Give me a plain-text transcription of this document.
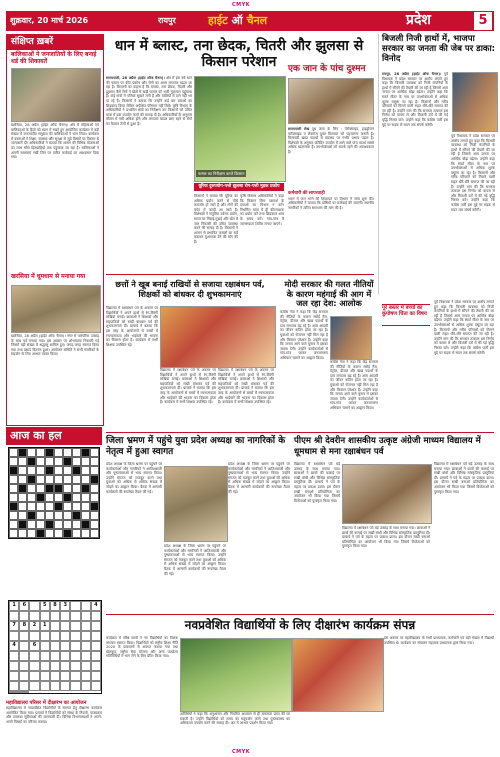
CMYK
CMYK
शुक्रवार, 20 मार्च 2026	रायपुर	हाईट ऑ चैनल	प्रदेश	5
संक्षिप्त ख़बरें
बालिकाओं ने जनजातियों के लिए बनाई थर्ड की शिकायतें
खरसिया, 28 अप्रैल (हाईट ऑफ चैनल)। क्षेत्र में महिलाओं एवं बालिकाओं के हितों को ध्यान में रखते हुए आयोजित कार्यक्रम में बड़ी संख्या में जनजातीय समुदाय की बालिकाओं ने भाग लिया। कार्यक्रम में वक्ताओं ने शिक्षा, स्वास्थ्य और सुरक्षा से जुड़े विषयों पर विस्तार से जानकारी दी। अधिकारियों ने बताया कि शासन की विभिन्न योजनाओं का लाभ सीधे हितग्राहियों तक पहुंचाया जा रहा है। बालिकाओं ने अपनी समस्याएं रखीं जिन पर त्वरित कार्रवाई का आश्वासन दिया गया।
खरसिया में धूमधाम से मनाया गया
खरसिया, 28 अप्रैल (हाईट ऑफ चैनल)। नगर में पारंपरिक उत्साह के साथ पर्व मनाया गया। इस अवसर पर शोभायात्रा निकाली गई जिसमें बड़ी संख्या में श्रद्धालु शामिल हुए। जगह-जगह स्वागत किया गया तथा प्रसाद वितरण हुआ। आयोजन समिति ने सभी नागरिकों के सहयोग के लिए आभार व्यक्त किया।
आज का हल
1	6	5	8	3	4
7	8	2	1
4	6
महाविद्यालय परिसर में दीक्षारंभ का आयोजन
महाविद्यालय में नवप्रवेशित विद्यार्थियों के स्वागत हेतु दीक्षारंभ कार्यक्रम आयोजित किया गया। प्राचार्य ने विद्यार्थियों को संस्था के नियमों, पाठ्यक्रम और उपलब्ध सुविधाओं की जानकारी दी। विभिन्न विभागाध्यक्षों ने अपने-अपने विषयों का परिचय कराया।
धान में ब्लास्ट, तना छेदक, चितरी और झुलसा से किसान परेशान
सरायपाली, 28 अप्रैल (हाईट ऑफ चैनल)। क्षेत्र में इस वर्ष धान की फसल पर कीट प्रकोप और रोगों का असर लगातार बढ़ता जा रहा है। किसानों का कहना है कि ब्लास्ट, तना छेदक, चितरी और झुलसा जैसे रोगों ने खेतों में खड़ी फसल को भारी नुकसान पहुंचाया है। कई गांवों में पत्तियां सूखने लगी हैं और बालियों में दाने नहीं भर पा रहे हैं। किसानों ने बताया कि उन्होंने कई बार दवाओं का छिड़काव किया लेकिन अपेक्षित परिणाम नहीं मिले। कृषि विभाग के अधिकारियों ने प्रभावित क्षेत्रों का निरीक्षण कर किसानों को उचित मात्रा में दवा उपयोग करने की सलाह दी है। अधिकारियों के अनुसार मौसम में नमी अधिक होने और लगातार बादल छाए रहने से रोगों का फैलाव तेजी से हुआ है।
फसल का निरीक्षण करते किसान
एक जान के पांच दुश्मन
सरायपाली लेख दूध जला के लिए : पेरोक्साइड, हाइड्रोजन परॉक्साइड व लैक्टोज युक्त मिलावट को पहचानना जरूरी है। मिलावटी खाद्य पदार्थों से स्वास्थ्य पर गंभीर प्रभाव पड़ता है। विशेषज्ञों के अनुसार प्रतिदिन उपयोग में आने वाले पांच पदार्थ सबसे अधिक खतरनाक हैं। उपभोक्ताओं को सतर्क रहने की आवश्यकता है।
कर्मचारी की लापरवाही
भवन में जल भरने की शिकायत पर विभाग ने जांच शुरू की। अधिकारियों ने बताया कि दोषियों पर कार्रवाई की जाएगी। स्थानीय नागरिकों ने त्वरित समाधान की मांग की है।
यूरिया दुरुपयोग-पत्ती झुलसा रोग-पत्ती मुड़क प्रकोप
किसानों ने बताया कि यूरिया का अधिक प्रयोग करने से पौधे कमजोर हो जाते हैं और रोगों की चपेट में जल्दी आ जाते हैं। विशेषज्ञों ने संतुलित उर्वरक प्रयोग, समय पर निंदाई-गुड़ाई और खेत में जल निकासी की उचित व्यवस्था करने की सलाह दी है। किसानों ने शासन से प्रभावित फसलों का सर्वे कराकर मुआवजा देने की मांग की है।
कृषि विस्तार अधिकारियों ने कहा कि किसान बिना परामर्श के दवाओं का मिश्रण न करें। निर्धारित मात्रा में ही कीटनाशक का प्रयोग करें तथा छिड़काव शाम के समय करें। गांव-गांव में जागरूकता शिविर लगाए जाएंगे।
बिजली निजी हाथों में, भाजपा सरकार का जनता की जेब पर डाका: विनोद
रायपुर, 28 अप्रैल (हाईट ऑफ चैनल)। पूर्व विधायक ने प्रदेश सरकार पर आरोप लगाते हुए कहा कि बिजली व्यवस्था को निजी कंपनियों के हाथों में सौंपने की तैयारी की जा रही है जिससे आम जनता पर आर्थिक बोझ बढ़ेगा। उन्होंने कहा कि स्मार्ट मीटर के नाम पर उपभोक्ताओं से अधिक शुल्क वसूला जा रहा है। किसानों और गरीब परिवारों को मिलने वाली राहत धीरे-धीरे समाप्त की जा रही है। उन्होंने मांग की कि सरकार तत्काल इस निर्णय को वापस ले और बिजली दरों में की गई वृद्धि निरस्त करे। उन्होंने कहा कि कांग्रेस पार्टी इस मुद्दे पर सड़क से सदन तक संघर्ष करेगी।
पूर्व विधायक ने प्रदेश सरकार पर आरोप लगाते हुए कहा कि बिजली व्यवस्था को निजी कंपनियों के हाथों में सौंपने की तैयारी की जा रही है जिससे आम जनता पर आर्थिक बोझ बढ़ेगा। उन्होंने कहा कि स्मार्ट मीटर के नाम पर उपभोक्ताओं से अधिक शुल्क वसूला जा रहा है। किसानों और गरीब परिवारों को मिलने वाली राहत धीरे-धीरे समाप्त की जा रही है। उन्होंने मांग की कि सरकार तत्काल इस निर्णय को वापस ले और बिजली दरों में की गई वृद्धि निरस्त करे। उन्होंने कहा कि कांग्रेस पार्टी इस मुद्दे पर सड़क से सदन तक संघर्ष करेगी।
पूरे बस्तर में बच्चों का कुपोषण चिंता का विषय
छत्तों ने खूब बनाई राखियों से सजाया रक्षाबंधन पर्व, शिक्षकों को बांधकर दी शुभकामनाएं
विद्यालय में रक्षाबंधन पर्व के अवसर पर विद्यार्थियों ने अपने हाथों से रंग-बिरंगी राखियां बनाई। छात्राओं ने शिक्षकों और सहपाठियों को राखी बांधकर पर्व की शुभकामनाएं दीं। प्राचार्य ने बताया कि इस तरह के आयोजनों से बच्चों में रचनात्मकता और भाईचारे की भावना का विकास होता है। कार्यक्रम में सभी शिक्षक उपस्थित रहे।
विद्यालय में रक्षाबंधन पर्व के अवसर पर विद्यार्थियों ने अपने हाथों से रंग-बिरंगी राखियां बनाई। छात्राओं ने शिक्षकों और सहपाठियों को राखी बांधकर पर्व की शुभकामनाएं दीं। प्राचार्य ने बताया कि इस तरह के आयोजनों से बच्चों में रचनात्मकता और भाईचारे की भावना का विकास होता है। कार्यक्रम में सभी शिक्षक उपस्थित रहे।
विद्यालय में रक्षाबंधन पर्व के अवसर पर विद्यार्थियों ने अपने हाथों से रंग-बिरंगी राखियां बनाई। छात्राओं ने शिक्षकों और सहपाठियों को राखी बांधकर पर्व की शुभकामनाएं दीं। प्राचार्य ने बताया कि इस तरह के आयोजनों से बच्चों में रचनात्मकता और भाईचारे की भावना का विकास होता है। कार्यक्रम में सभी शिक्षक उपस्थित रहे।
मोदी सरकार की गलत नीतियों के कारण महंगाई की आग में जल रहा देश: आलोक
कांग्रेस नेता ने कहा कि केंद्र सरकार की नीतियों के कारण रसोई गैस, पेट्रोल, डीजल और खाद्य पदार्थों के दाम लगातार बढ़ रहे हैं। आम आदमी का जीवन कठिन होता जा रहा है। युवाओं को रोजगार नहीं मिल रहा है और किसान परेशान हैं। उन्होंने कहा कि जनता आने वाले चुनाव में इसका जवाब देगी। उन्होंने कार्यकर्ताओं से गांव-गांव जाकर जनजागरण अभियान चलाने का आह्वान किया।
कांग्रेस नेता ने कहा कि केंद्र सरकार की नीतियों के कारण रसोई गैस, पेट्रोल, डीजल और खाद्य पदार्थों के दाम लगातार बढ़ रहे हैं। आम आदमी का जीवन कठिन होता जा रहा है। युवाओं को रोजगार नहीं मिल रहा है और किसान परेशान हैं। उन्होंने कहा कि जनता आने वाले चुनाव में इसका जवाब देगी। उन्होंने कार्यकर्ताओं से गांव-गांव जाकर जनजागरण अभियान चलाने का आह्वान किया।
पूर्व विधायक ने प्रदेश सरकार पर आरोप लगाते हुए कहा कि बिजली व्यवस्था को निजी कंपनियों के हाथों में सौंपने की तैयारी की जा रही है जिससे आम जनता पर आर्थिक बोझ बढ़ेगा। उन्होंने कहा कि स्मार्ट मीटर के नाम पर उपभोक्ताओं से अधिक शुल्क वसूला जा रहा है। किसानों और गरीब परिवारों को मिलने वाली राहत धीरे-धीरे समाप्त की जा रही है। उन्होंने मांग की कि सरकार तत्काल इस निर्णय को वापस ले और बिजली दरों में की गई वृद्धि निरस्त करे। उन्होंने कहा कि कांग्रेस पार्टी इस मुद्दे पर सड़क से सदन तक संघर्ष करेगी।
जिला भ्रमण में पहुंचे युवा प्रदेश अध्यक्ष का नागरिकों के नेतृत्व में हुआ स्वागत
प्रदेश अध्यक्ष के जिला भ्रमण पर पहुंचने पर कार्यकर्ताओं और नागरिकों ने आतिशबाजी और पुष्पमालाओं से भव्य स्वागत किया। उन्होंने संगठन को मजबूत करने तथा युवाओं को अधिक से अधिक संख्या में जोड़ने का आह्वान किया। बैठक में आगामी कार्यक्रमों की रूपरेखा तैयार की गई।
प्रदेश अध्यक्ष के जिला भ्रमण पर पहुंचने पर कार्यकर्ताओं और नागरिकों ने आतिशबाजी और पुष्पमालाओं से भव्य स्वागत किया। उन्होंने संगठन को मजबूत करने तथा युवाओं को अधिक से अधिक संख्या में जोड़ने का आह्वान किया। बैठक में आगामी कार्यक्रमों की रूपरेखा तैयार की गई।
प्रदेश अध्यक्ष के जिला भ्रमण पर पहुंचने पर कार्यकर्ताओं और नागरिकों ने आतिशबाजी और पुष्पमालाओं से भव्य स्वागत किया। उन्होंने संगठन को मजबूत करने तथा युवाओं को अधिक से अधिक संख्या में जोड़ने का आह्वान किया। बैठक में आगामी कार्यक्रमों की रूपरेखा तैयार की गई।
पीएम श्री देवरीन शासकीय उत्कृष्ट अंग्रेजी माध्यम विद्यालय में धूमधाम से मना रक्षाबंधन पर्व
विद्यालय में रक्षाबंधन पर्व बड़े उत्साह के साथ मनाया गया। छात्राओं ने छात्रों की कलाई पर राखी बांधी और विभिन्न सांस्कृतिक प्रस्तुतियां दीं। प्राचार्य ने पर्व के महत्व पर प्रकाश डाला। इस दौरान राखी बनाओ प्रतियोगिता का आयोजन भी किया गया जिसमें विजेताओं को पुरस्कृत किया गया।
विद्यालय में रक्षाबंधन पर्व बड़े उत्साह के साथ मनाया गया। छात्राओं ने छात्रों की कलाई पर राखी बांधी और विभिन्न सांस्कृतिक प्रस्तुतियां दीं। प्राचार्य ने पर्व के महत्व पर प्रकाश डाला। इस दौरान राखी बनाओ प्रतियोगिता का आयोजन भी किया गया जिसमें विजेताओं को पुरस्कृत किया गया।
विद्यालय में रक्षाबंधन पर्व बड़े उत्साह के साथ मनाया गया। छात्राओं ने छात्रों की कलाई पर राखी बांधी और विभिन्न सांस्कृतिक प्रस्तुतियां दीं। प्राचार्य ने पर्व के महत्व पर प्रकाश डाला। इस दौरान राखी बनाओ प्रतियोगिता का आयोजन भी किया गया जिसमें विजेताओं को पुरस्कृत किया गया।
नवप्रवेशित विद्यार्थियों के लिए दीक्षारंभ कार्यक्रम संपन्न
कार्यक्रम में वरिष्ठ छात्रों ने नए विद्यार्थियों का तिलक लगाकर स्वागत किया। विद्यार्थियों को राष्ट्रीय शिक्षा नीति 2020 के प्रावधानों से अवगत कराया गया तथा खेलकूद, राष्ट्रीय सेवा योजना और अन्य पाठ्येतर गतिविधियों में भाग लेने के लिए प्रेरित किया गया।
अतिथियों ने कहा कि अनुशासन और नियमित अध्ययन से ही सफलता प्राप्त की जा सकती है। उन्होंने विद्यार्थियों को समय का सदुपयोग करने तथा पुस्तकालय का अधिकतम उपयोग करने की सलाह दी। अंत में आभार प्रदर्शन किया गया।
इस अवसर पर महाविद्यालय के सभी प्राध्यापक, कर्मचारी एवं बड़ी संख्या में विद्यार्थी उपस्थित थे। कार्यक्रम का संचालन सहायक प्राध्यापक द्वारा किया गया।
